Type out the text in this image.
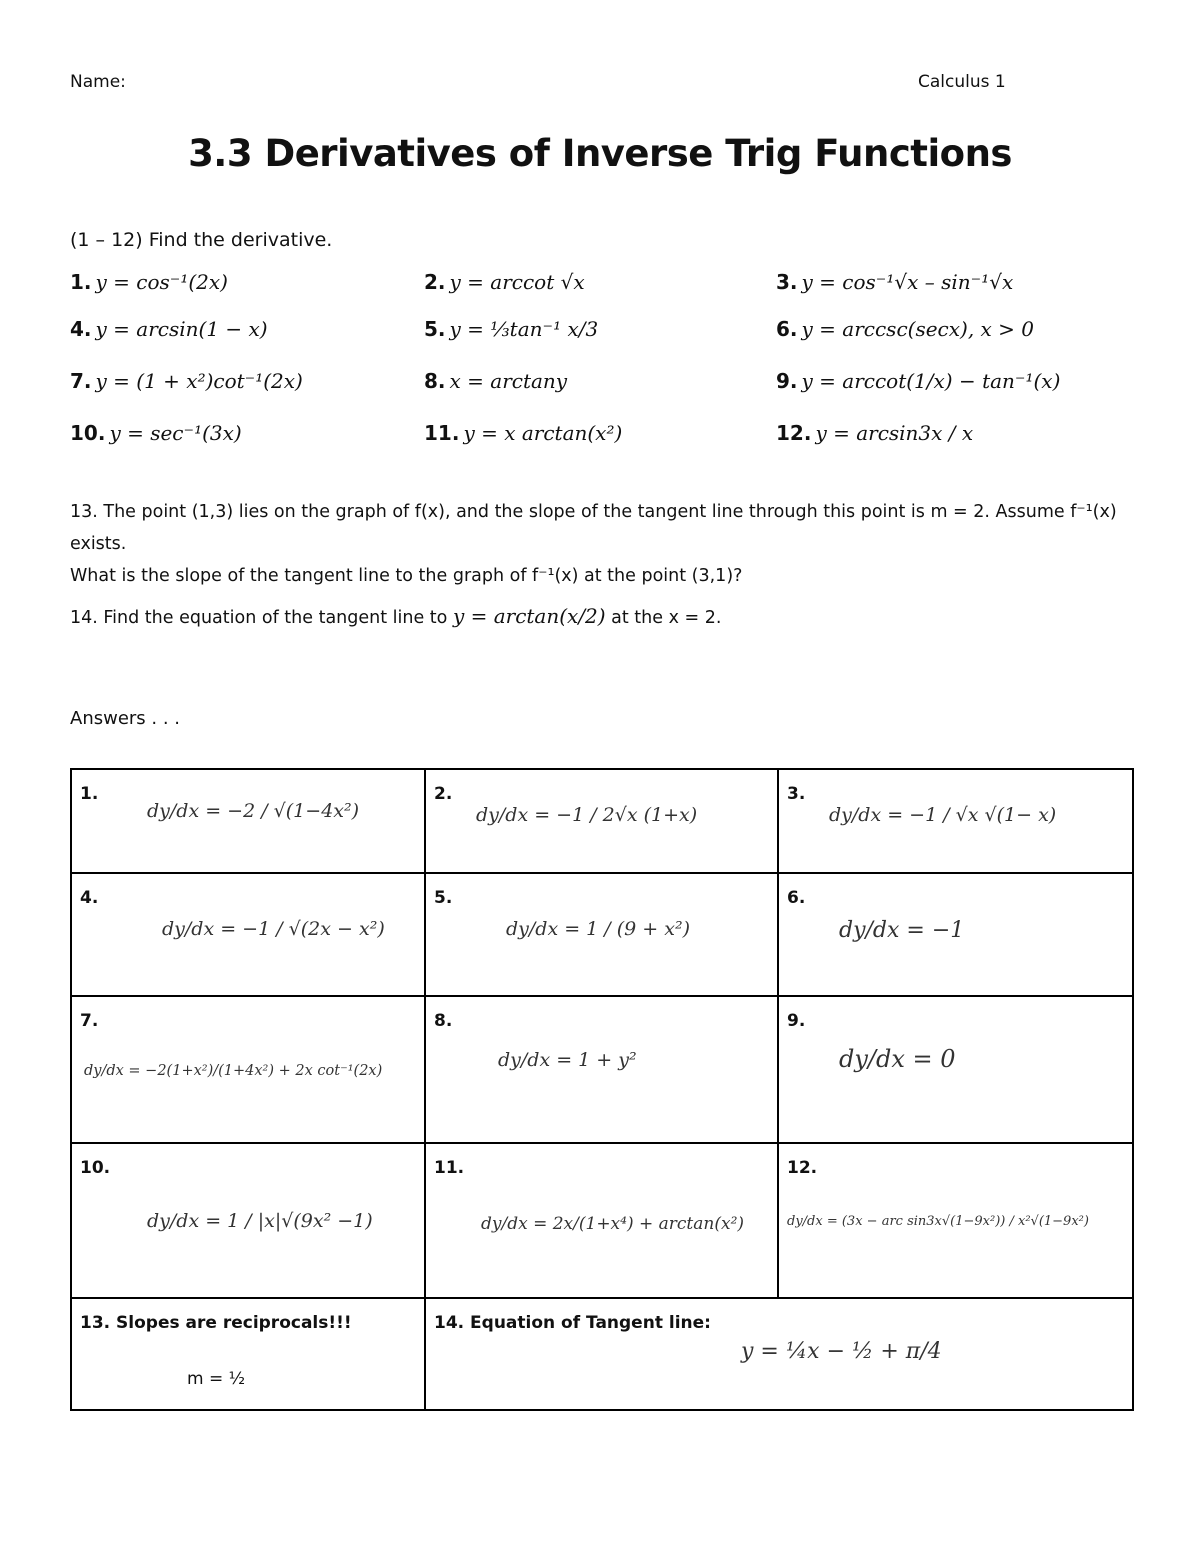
Name:	Calculus 1
3.3 Derivatives of Inverse Trig Functions
(1 – 12) Find the derivative.
1. y = cos⁻¹(2x)	2. y = arccot √x	3. y = cos⁻¹√x – sin⁻¹√x
4. y = arcsin(1 − x)	5. y = ⅓tan⁻¹ x/3	6. y = arccsc(secx), x > 0
7. y = (1 + x²)cot⁻¹(2x)	8. x = arctany	9. y = arccot(1/x) − tan⁻¹(x)
10. y = sec⁻¹(3x)	11. y = x arctan(x²)	12. y = arcsin3x / x
13. The point (1,3) lies on the graph of f(x), and the slope of the tangent line through this point is m = 2. Assume f⁻¹(x) exists.
What is the slope of the tangent line to the graph of f⁻¹(x) at the point (3,1)?
14. Find the equation of the tangent line to y = arctan(x/2) at the x = 2.
Answers . . .
1.
dy/dx = −2 / √(1−4x²)	2.
dy/dx = −1 / 2√x (1+x)	3.
dy/dx = −1 / √x √(1− x)

4.
dy/dx = −1 / √(2x − x²)	5.
dy/dx = 1 / (9 + x²)	6.
dy/dx = −1

7.
dy/dx = −2(1+x²)/(1+4x²) + 2x cot⁻¹(2x)	8.
dy/dx = 1 + y²	9.
dy/dx = 0

10.
dy/dx = 1 / |x|√(9x² −1)	11.
dy/dx = 2x/(1+x⁴) + arctan(x²)	12.
dy/dx = (3x − arc sin3x√(1−9x²)) / x²√(1−9x²)

13. Slopes are reciprocals!!!
m = ½	14. Equation of Tangent line:
y = ¼x − ½ + π/4	
